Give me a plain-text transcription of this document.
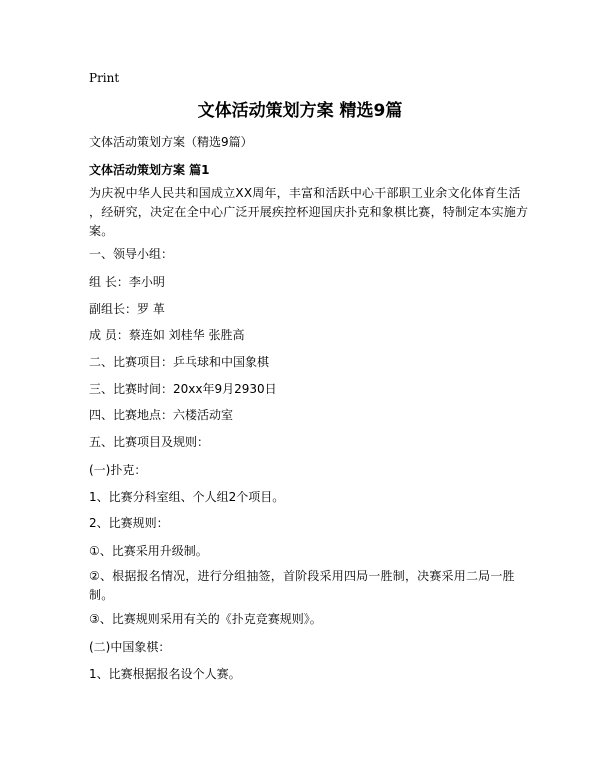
Print
文体活动策划方案 精选9篇
文体活动策划方案（精选9篇）
文体活动策划方案 篇1
为庆祝中华人民共和国成立XX周年，丰富和活跃中心干部职工业余文化体育生活
，经研究，决定在全中心广泛开展疾控杯迎国庆扑克和象棋比赛，特制定本实施方
案。
一、领导小组：
组 长：李小明
副组长：罗 革
成 员：蔡连如 刘桂华 张胜高
二、比赛项目：乒乓球和中国象棋
三、比赛时间：20xx年9月2930日
四、比赛地点：六楼活动室
五、比赛项目及规则：
(一)扑克：
1、比赛分科室组、个人组2个项目。
2、比赛规则：
①、比赛采用升级制。
②、根据报名情况，进行分组抽签，首阶段采用四局一胜制，决赛采用二局一胜
制。
③、比赛规则采用有关的《扑克竞赛规则》。
(二)中国象棋：
1、比赛根据报名设个人赛。
